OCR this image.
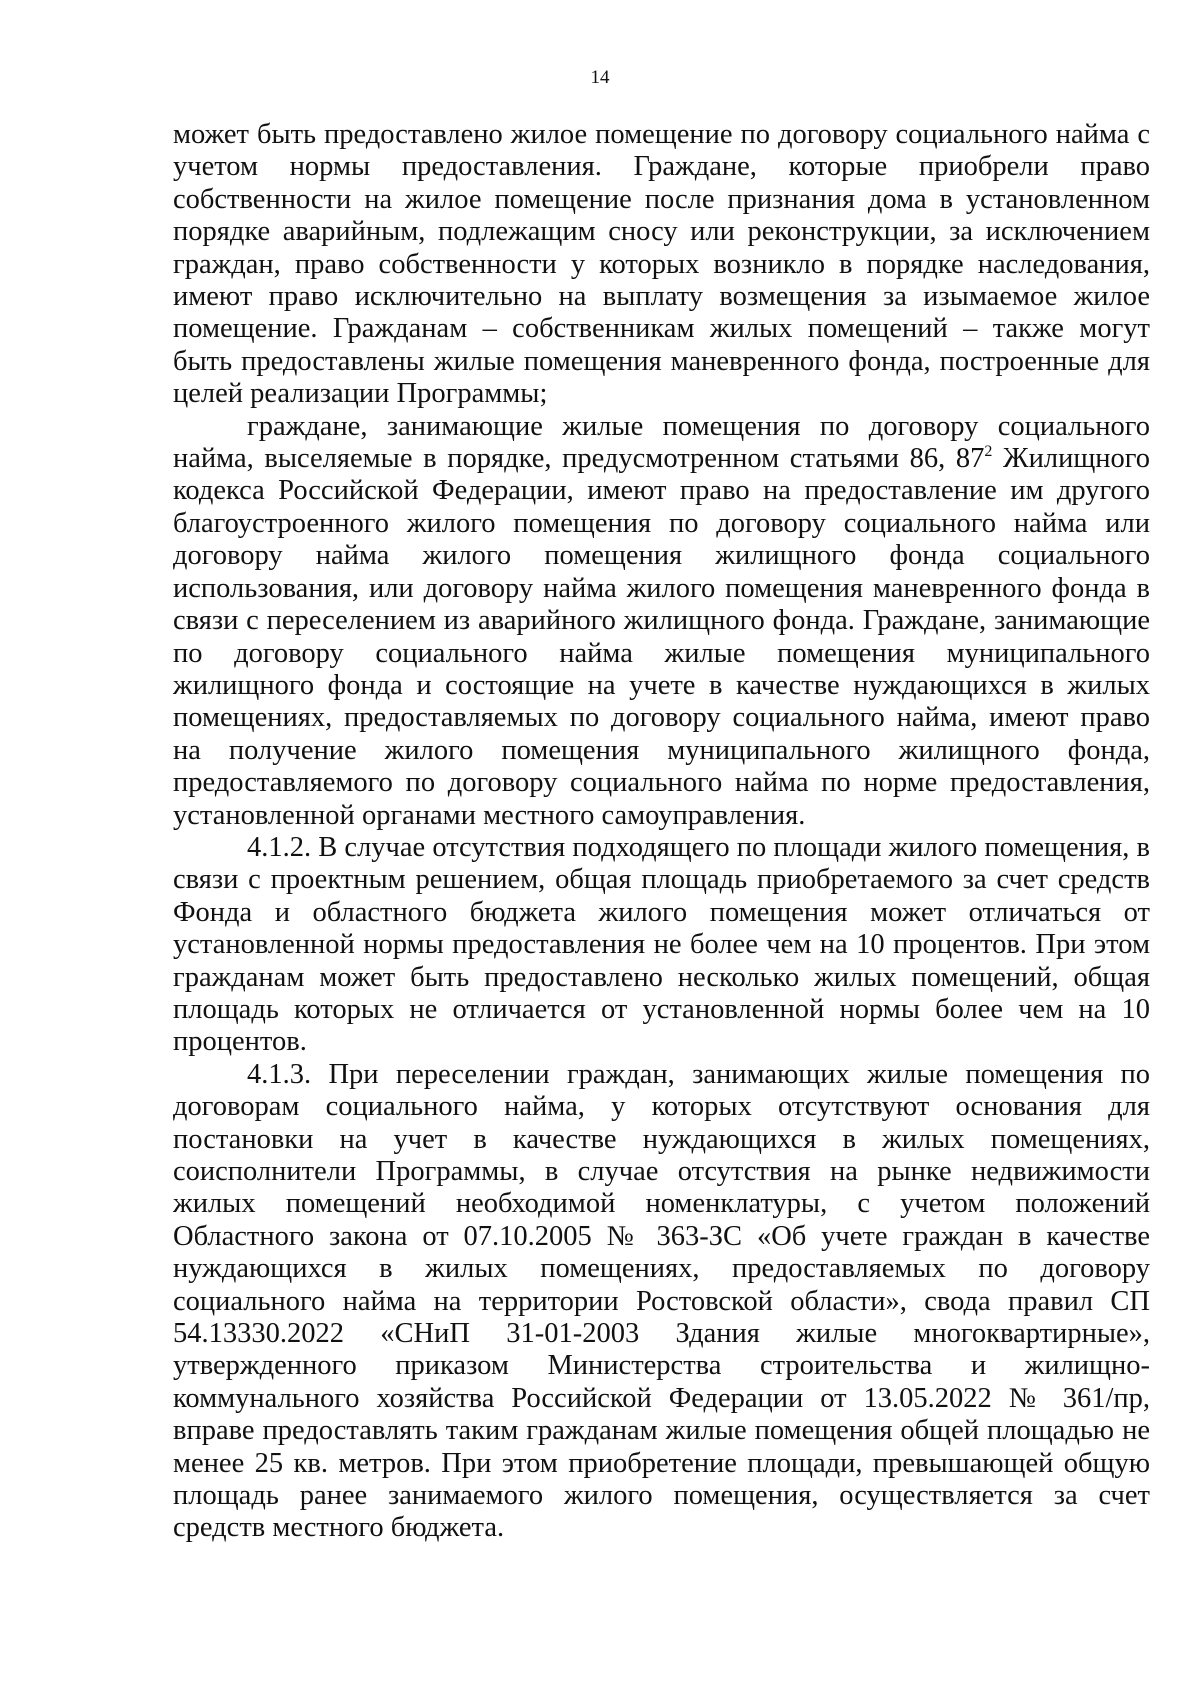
14

может быть предоставлено жилое помещение по договору социального найма с учетом нормы предоставления. Граждане, которые приобрели право собственности на жилое помещение после признания дома в установленном порядке аварийным, подлежащим сносу или реконструкции, за исключением граждан, право собственности у которых возникло в порядке наследования, имеют право исключительно на выплату возмещения за изымаемое жилое помещение. Гражданам – собственникам жилых помещений – также могут быть предоставлены жилые помещения маневренного фонда, построенные для целей реализации Программы;

граждане, занимающие жилые помещения по договору социального найма, выселяемые в порядке, предусмотренном статьями 86, $87^2$ Жилищного кодекса Российской Федерации, имеют право на предоставление им другого благоустроенного жилого помещения по договору социального найма или договору найма жилого помещения жилищного фонда социального использования, или договору найма жилого помещения маневренного фонда в связи с переселением из аварийного жилищного фонда. Граждане, занимающие по договору социального найма жилые помещения муниципального жилищного фонда и состоящие на учете в качестве нуждающихся в жилых помещениях, предоставляемых по договору социального найма, имеют право на получение жилого помещения муниципального жилищного фонда, предоставляемого по договору социального найма по норме предоставления, установленной органами местного самоуправления.

4.1.2. В случае отсутствия подходящего по площади жилого помещения, в связи с проектным решением, общая площадь приобретаемого за счет средств Фонда и областного бюджета жилого помещения может отличаться от установленной нормы предоставления не более чем на 10 процентов. При этом гражданам может быть предоставлено несколько жилых помещений, общая площадь которых не отличается от установленной нормы более чем на 10 процентов.

4.1.3. При переселении граждан, занимающих жилые помещения по договорам социального найма, у которых отсутствуют основания для постановки на учет в качестве нуждающихся в жилых помещениях, соисполнители Программы, в случае отсутствия на рынке недвижимости жилых помещений необходимой номенклатуры, с учетом положений Областного закона от 07.10.2005 № 363-ЗС «Об учете граждан в качестве нуждающихся в жилых помещениях, предоставляемых по договору социального найма на территории Ростовской области», свода правил СП 54.13330.2022 «СНиП 31-01-2003 Здания жилые многоквартирные», утвержденного приказом Министерства строительства и жилищно-коммунального хозяйства Российской Федерации от 13.05.2022 № 361/пр, вправе предоставлять таким гражданам жилые помещения общей площадью не менее 25 кв. метров. При этом приобретение площади, превышающей общую площадь ранее занимаемого жилого помещения, осуществляется за счет средств местного бюджета.
